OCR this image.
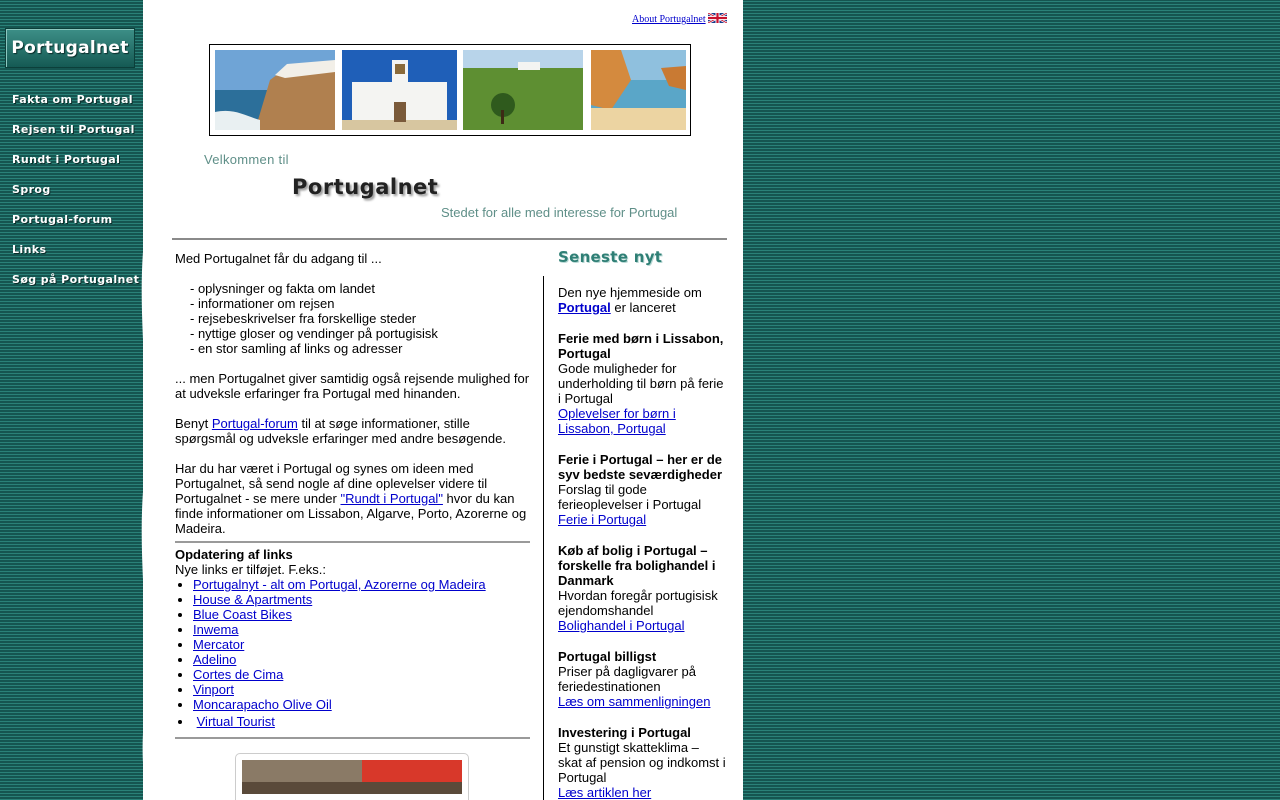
Portugalnet
Fakta om Portugal
Rejsen til Portugal
Rundt i Portugal
Sprog
Portugal-forum
Links
Søg på Portugalnet
About Portugalnet
Velkommen til
Portugalnet
Stedet for alle med interesse for Portugal

Med Portugalnet får du adgang til ...

- oplysninger og fakta om landet
- informationer om rejsen
- rejsebeskrivelser fra forskellige steder
- nyttige gloser og vendinger på portugisisk
- en stor samling af links og adresser

... men Portugalnet giver samtidig også rejsende mulighed for at udveksle erfaringer fra Portugal med hinanden.

Benyt Portugal-forum til at søge informationer, stille spørgsmål og udveksle erfaringer med andre besøgende.

Har du har været i Portugal og synes om ideen med Portugalnet, så send nogle af dine oplevelser videre til Portugalnet - se mere under "Rundt i Portugal" hvor du kan finde informationer om Lissabon, Algarve, Porto, Azorerne og Madeira.

Opdatering af links
Nye links er tilføjet. F.eks.:
• Portugalnyt - alt om Portugal, Azorerne og Madeira
• House & Apartments
• Blue Coast Bikes
• Inwema
• Mercator
• Adelino
• Cortes de Cima
• Vinport
• Moncarapacho Olive Oil
• Virtual Tourist
Seneste nyt
Den nye hjemmeside om Portugal er lanceret
Ferie med børn i Lissabon, Portugal
Gode muligheder for underholding til børn på ferie i Portugal
Oplevelser for børn i Lissabon, Portugal
Ferie i Portugal – her er de syv bedste seværdigheder
Forslag til gode ferieoplevelser i Portugal
Ferie i Portugal
Køb af bolig i Portugal – forskelle fra bolighandel i Danmark
Hvordan foregår portugisisk ejendomshandel
Bolighandel i Portugal
Portugal billigst
Priser på dagligvarer på feriedestinationen
Læs om sammenligningen
Investering i Portugal
Et gunstigt skatteklima – skat af pension og indkomst i Portugal
Læs artiklen her
